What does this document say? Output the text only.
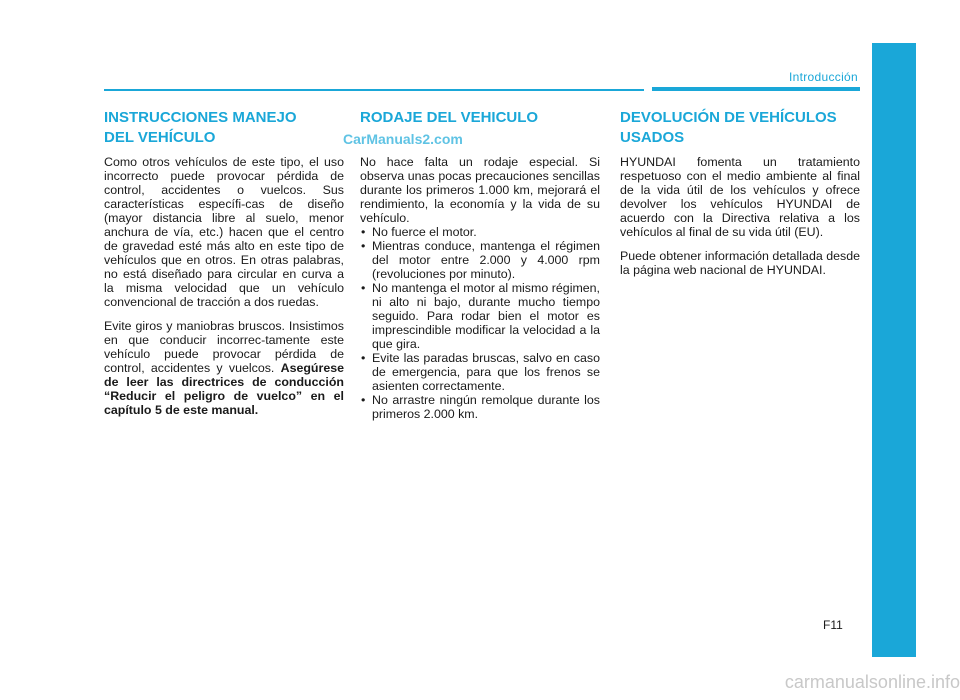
Introducción
INSTRUCCIONES MANEJO
DEL VEHÍCULO

Como otros vehículos de este tipo, el uso incorrecto puede provocar pérdida de control, accidentes o vuelcos. Sus características específi-cas de diseño (mayor distancia libre al suelo, menor anchura de vía, etc.) hacen que el centro de gravedad esté más alto en este tipo de vehículos que en otros. En otras palabras, no está diseñado para circular en curva a la misma velocidad que un vehículo convencional de tracción a dos ruedas.

Evite giros y maniobras bruscos. Insistimos en que conducir incorrec-tamente este vehículo puede provocar pérdida de control, accidentes y vuelcos. Asegúrese de leer las directrices de conducción “Reducir el peligro de vuelco” en el capítulo 5 de este manual.

RODAJE DEL VEHICULO

No hace falta un rodaje especial. Si observa unas pocas precauciones sencillas durante los primeros 1.000 km, mejorará el rendimiento, la economía y la vida de su vehículo.

• No fuerce el motor.
• Mientras conduce, mantenga el régimen del motor entre 2.000 y 4.000 rpm (revoluciones por minuto).
• No mantenga el motor al mismo régimen, ni alto ni bajo, durante mucho tiempo seguido. Para rodar bien el motor es imprescindible modificar la velocidad a la que gira.
• Evite las paradas bruscas, salvo en caso de emergencia, para que los frenos se asienten correctamente.
• No arrastre ningún remolque durante los primeros 2.000 km.
DEVOLUCIÓN DE VEHÍCULOS
USADOS

HYUNDAI fomenta un tratamiento respetuoso con el medio ambiente al final de la vida útil de los vehículos y ofrece devolver los vehículos HYUNDAI de acuerdo con la Directiva relativa a los vehículos al final de su vida útil (EU).

Puede obtener información detallada desde la página web nacional de HYUNDAI.

CarManuals2.com
F11
carmanualsonline.info
